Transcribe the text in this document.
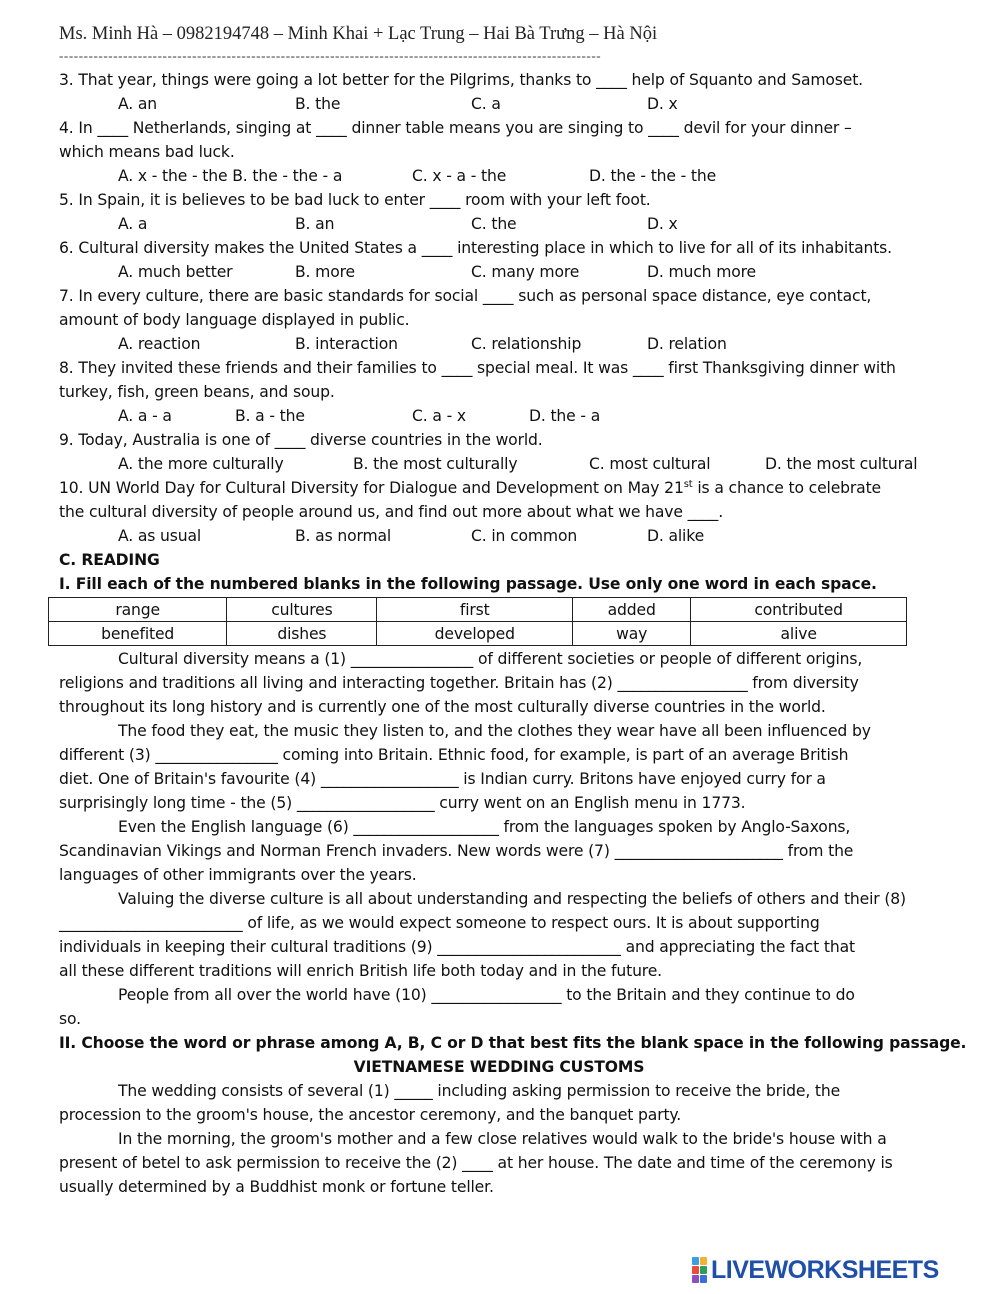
Ms. Minh Hà – 0982194748 – Minh Khai + Lạc Trung – Hai Bà Trưng – Hà Nội
--------------------------------------------------------------------------------------------------------------
3. That year, things were going a lot better for the Pilgrims, thanks to ____ help of Squanto and Samoset.
A. an	B. the	C. a	D. x
4. In ____ Netherlands, singing at ____ dinner table means you are singing to ____ devil for your dinner –
which means bad luck.
A. x - the - the B. the - the - a	C. x - a - the	D. the - the - the
5. In Spain, it is believes to be bad luck to enter ____ room with your left foot.
A. a	B. an	C. the	D. x
6. Cultural diversity makes the United States a ____ interesting place in which to live for all of its inhabitants.
A. much better	B. more	C. many more	D. much more
7. In every culture, there are basic standards for social ____ such as personal space distance, eye contact,
amount of body language displayed in public.
A. reaction	B. interaction	C. relationship	D. relation
8. They invited these friends and their families to ____ special meal. It was ____ first Thanksgiving dinner with
turkey, fish, green beans, and soup.
A. a - a	B. a - the	C. a - x	D. the - a
9. Today, Australia is one of ____ diverse countries in the world.
A. the more culturally	B. the most culturally	C. most cultural	D. the most cultural
10. UN World Day for Cultural Diversity for Dialogue and Development on May 21st is a chance to celebrate
the cultural diversity of people around us, and find out more about what we have ____.
A. as usual	B. as normal	C. in common	D. alike
C. READING
I. Fill each of the numbered blanks in the following passage. Use only one word in each space.
range	cultures	first	added	contributed
benefited	dishes	developed	way	alive
Cultural diversity means a (1) ________________ of different societies or people of different origins,
religions and traditions all living and interacting together. Britain has (2) _________________ from diversity
throughout its long history and is currently one of the most culturally diverse countries in the world.
The food they eat, the music they listen to, and the clothes they wear have all been influenced by
different (3) ________________ coming into Britain. Ethnic food, for example, is part of an average British
diet. One of Britain's favourite (4) __________________ is Indian curry. Britons have enjoyed curry for a
surprisingly long time - the (5) __________________ curry went on an English menu in 1773.
Even the English language (6) ___________________ from the languages spoken by Anglo-Saxons,
Scandinavian Vikings and Norman French invaders. New words were (7) ______________________ from the
languages of other immigrants over the years.
Valuing the diverse culture is all about understanding and respecting the beliefs of others and their (8)
________________________ of life, as we would expect someone to respect ours. It is about supporting
individuals in keeping their cultural traditions (9) ________________________ and appreciating the fact that
all these different traditions will enrich British life both today and in the future.
People from all over the world have (10) _________________ to the Britain and they continue to do
so.
II. Choose the word or phrase among A, B, C or D that best fits the blank space in the following passage.
VIETNAMESE WEDDING CUSTOMS
The wedding consists of several (1) _____ including asking permission to receive the bride, the
procession to the groom's house, the ancestor ceremony, and the banquet party.
In the morning, the groom's mother and a few close relatives would walk to the bride's house with a
present of betel to ask permission to receive the (2) ____ at her house. The date and time of the ceremony is
usually determined by a Buddhist monk or fortune teller.
LIVEWORKSHEETS
